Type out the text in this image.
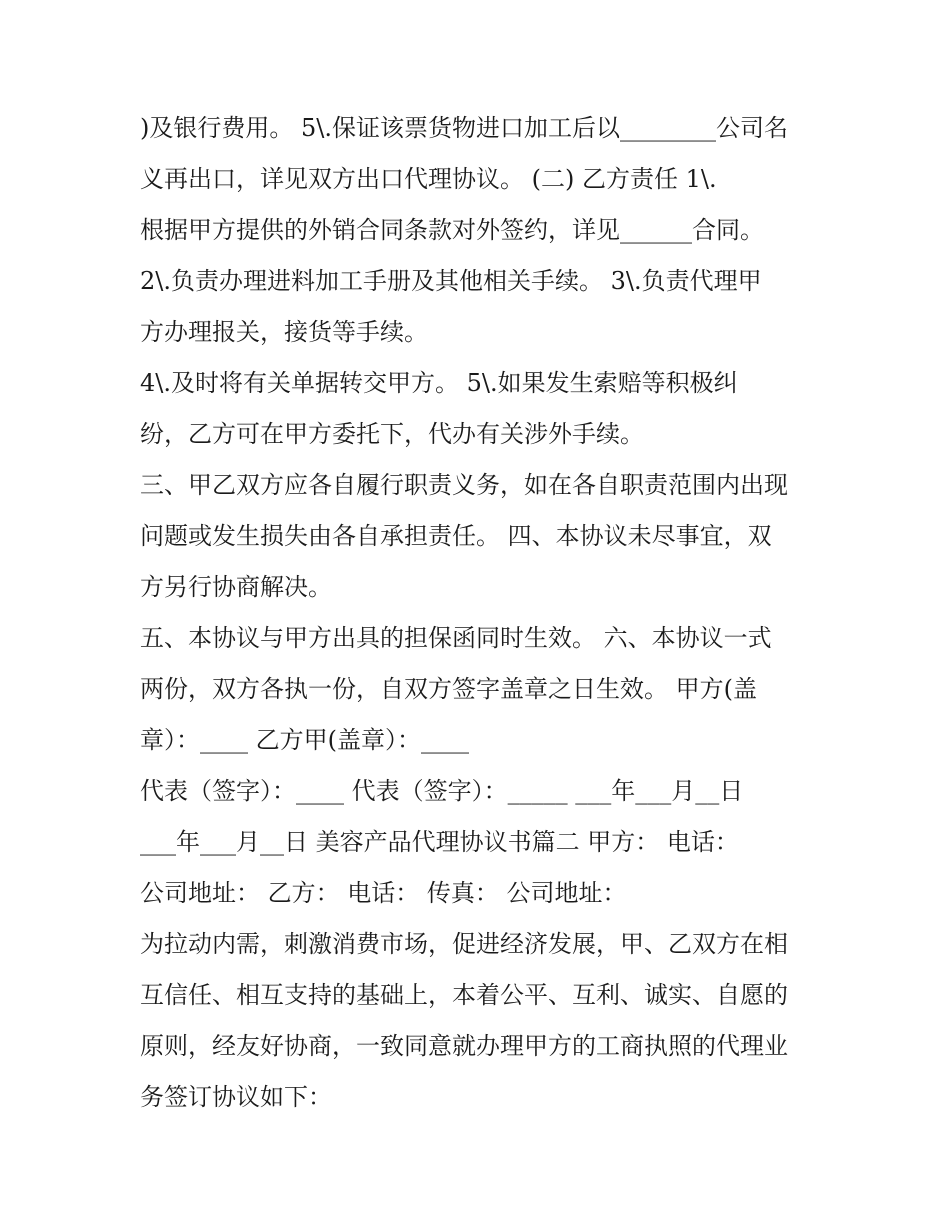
)及银行费用。 5\.保证该票货物进口加工后以________公司名
义再出口，详见双方出口代理协议。 (二) 乙方责任 1\.
根据甲方提供的外销合同条款对外签约，详见______合同。
2\.负责办理进料加工手册及其他相关手续。 3\.负责代理甲
方办理报关，接货等手续。
4\.及时将有关单据转交甲方。 5\.如果发生索赔等积极纠
纷，乙方可在甲方委托下，代办有关涉外手续。
三、甲乙双方应各自履行职责义务，如在各自职责范围内出现
问题或发生损失由各自承担责任。 四、本协议未尽事宜，双
方另行协商解决。
五、本协议与甲方出具的担保函同时生效。 六、本协议一式
两份，双方各执一份，自双方签字盖章之日生效。 甲方(盖
章）：____ 乙方甲(盖章）：____
代表（签字）：____ 代表（签字）：_____ ___年___月__日
___年___月__日 美容产品代理协议书篇二 甲方： 电话：
公司地址： 乙方： 电话： 传真： 公司地址：
为拉动内需，刺激消费市场，促进经济发展，甲、乙双方在相
互信任、相互支持的基础上，本着公平、互利、诚实、自愿的
原则，经友好协商，一致同意就办理甲方的工商执照的代理业
务签订协议如下：
